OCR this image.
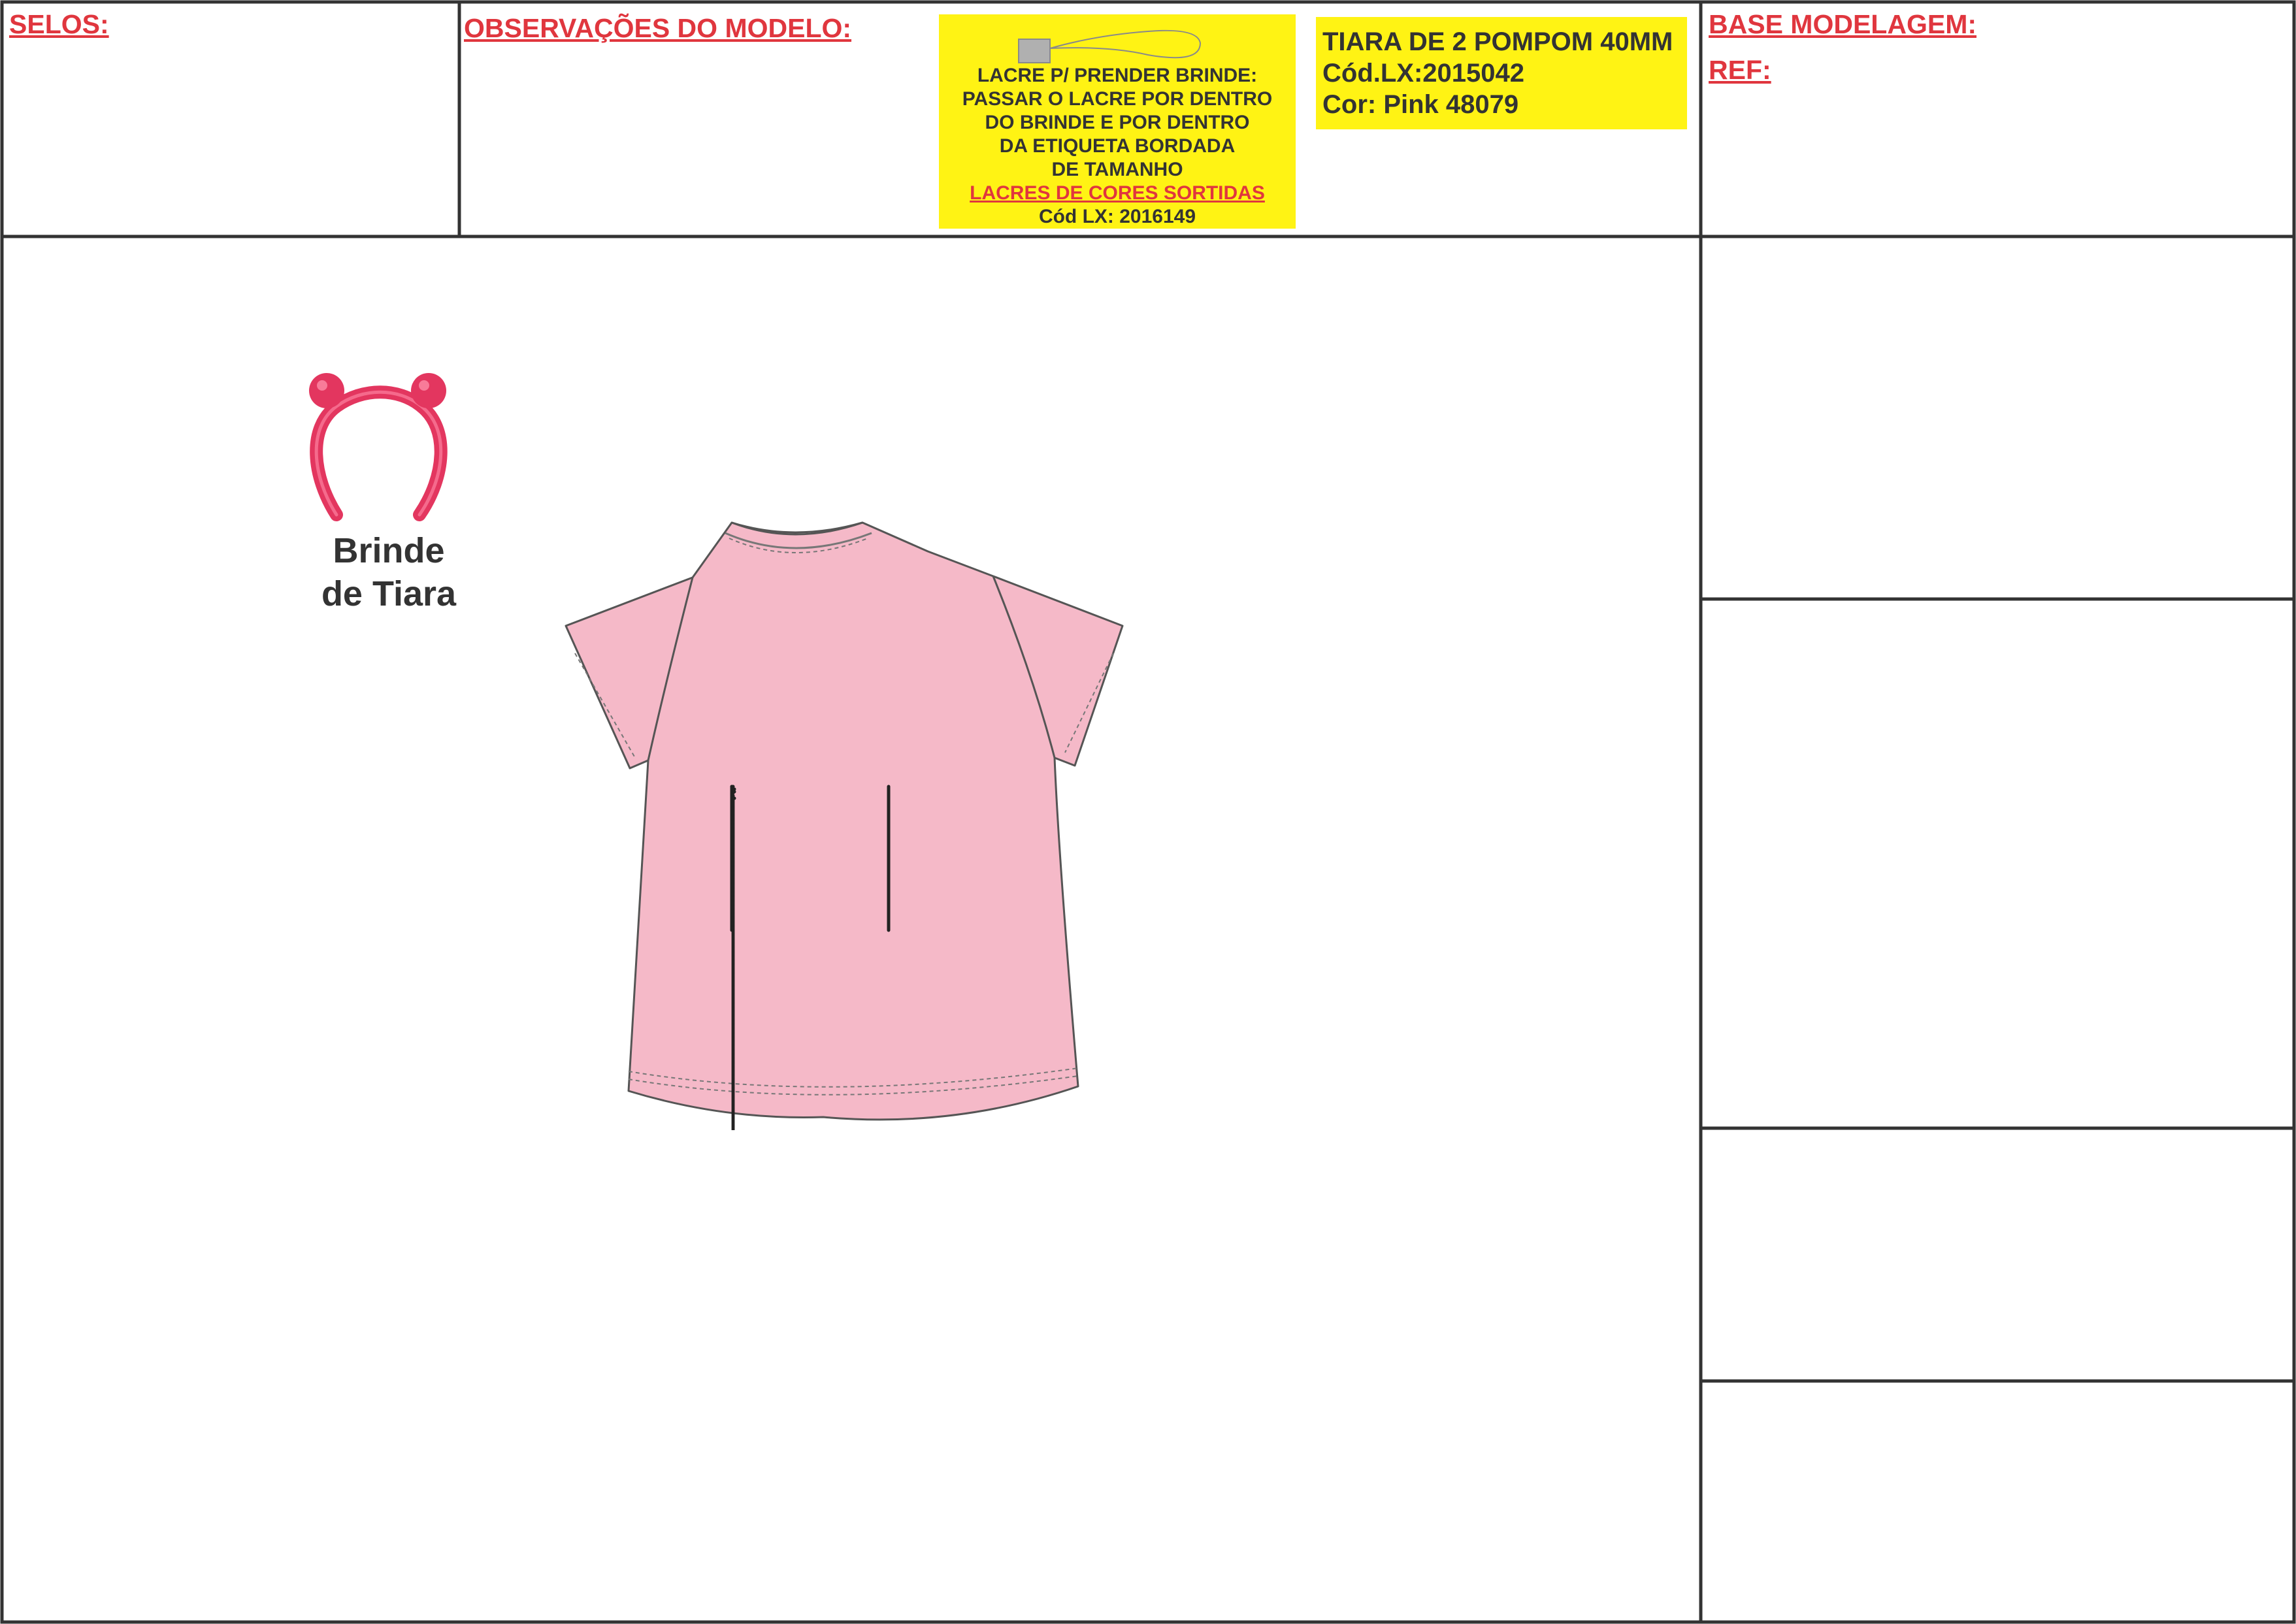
SELOS:	OBSERVAÇÕES DO MODELO:
LACRE P/ PRENDER BRINDE:
PASSAR O LACRE POR DENTRO
DO BRINDE E POR DENTRO
DA ETIQUETA BORDADA
DE TAMANHO
LACRES DE CORES SORTIDAS
Cód LX: 2016149
TIARA DE 2 POMPOM 40MM
Cód.LX:2015042
Cor: Pink 48079
BASE MODELAGEM:
REF:
Brinde
de Tiara
